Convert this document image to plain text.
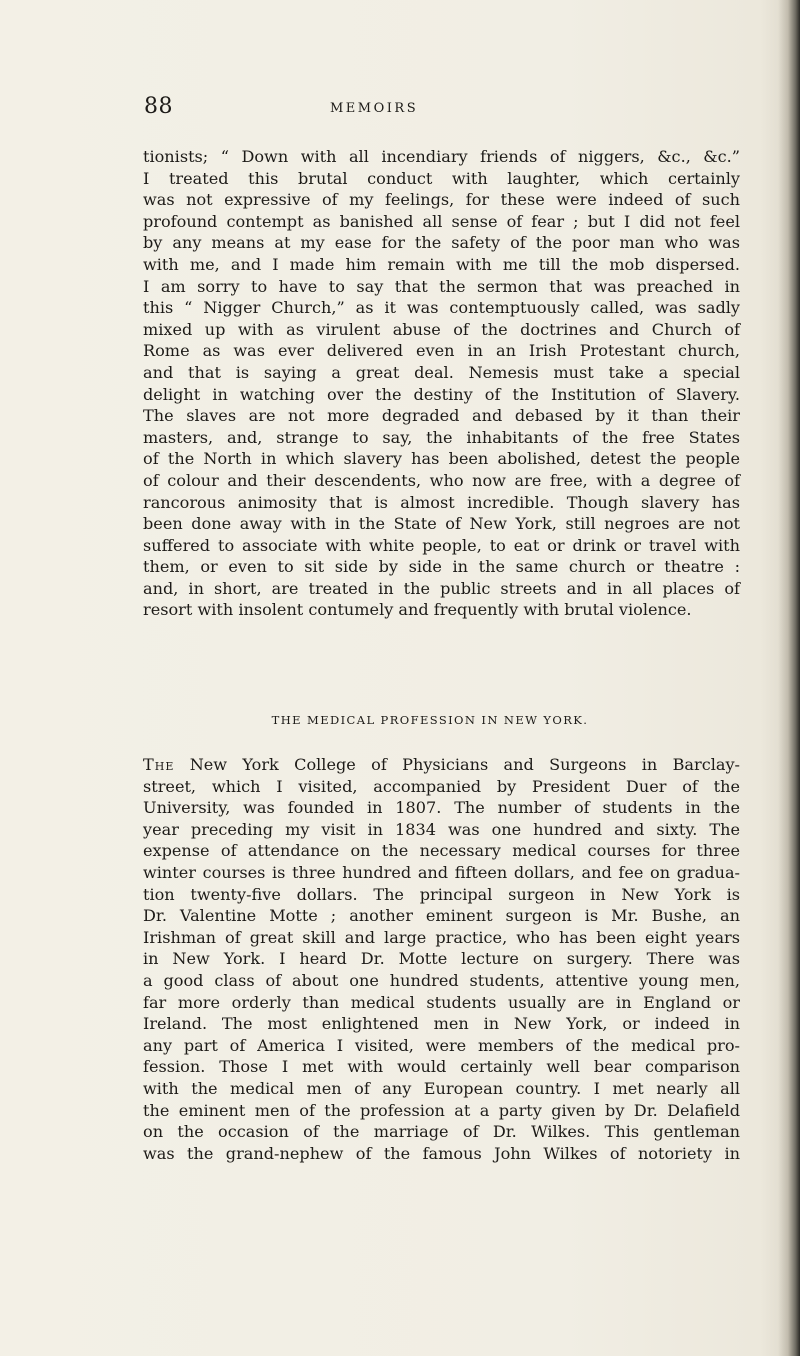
88	MEMOIRS
tionists; “ Down with all incendiary friends of niggers, &c., &c.”
I treated this brutal conduct with laughter, which certainly
was not expressive of my feelings, for these were indeed of such
profound contempt as banished all sense of fear ; but I did not feel
by any means at my ease for the safety of the poor man who was
with me, and I made him remain with me till the mob dispersed.
I am sorry to have to say that the sermon that was preached in
this “ Nigger Church,” as it was contemptuously called, was sadly
mixed up with as virulent abuse of the doctrines and Church of
Rome as was ever delivered even in an Irish Protestant church,
and that is saying a great deal. Nemesis must take a special
delight in watching over the destiny of the Institution of Slavery.
The slaves are not more degraded and debased by it than their
masters, and, strange to say, the inhabitants of the free States
of the North in which slavery has been abolished, detest the people
of colour and their descendents, who now are free, with a degree of
rancorous animosity that is almost incredible. Though slavery has
been done away with in the State of New York, still negroes are not
suffered to associate with white people, to eat or drink or travel with
them, or even to sit side by side in the same church or theatre :
and, in short, are treated in the public streets and in all places of
resort with insolent contumely and frequently with brutal violence.
THE MEDICAL PROFESSION IN NEW YORK.
The New York College of Physicians and Surgeons in Barclay-
street, which I visited, accompanied by President Duer of the
University, was founded in 1807. The number of students in the
year preceding my visit in 1834 was one hundred and sixty. The
expense of attendance on the necessary medical courses for three
winter courses is three hundred and fifteen dollars, and fee on gradua-
tion twenty-five dollars. The principal surgeon in New York is
Dr. Valentine Motte ; another eminent surgeon is Mr. Bushe, an
Irishman of great skill and large practice, who has been eight years
in New York. I heard Dr. Motte lecture on surgery. There was
a good class of about one hundred students, attentive young men,
far more orderly than medical students usually are in England or
Ireland. The most enlightened men in New York, or indeed in
any part of America I visited, were members of the medical pro-
fession. Those I met with would certainly well bear comparison
with the medical men of any European country. I met nearly all
the eminent men of the profession at a party given by Dr. Delafield
on the occasion of the marriage of Dr. Wilkes. This gentleman
was the grand-nephew of the famous John Wilkes of notoriety in
